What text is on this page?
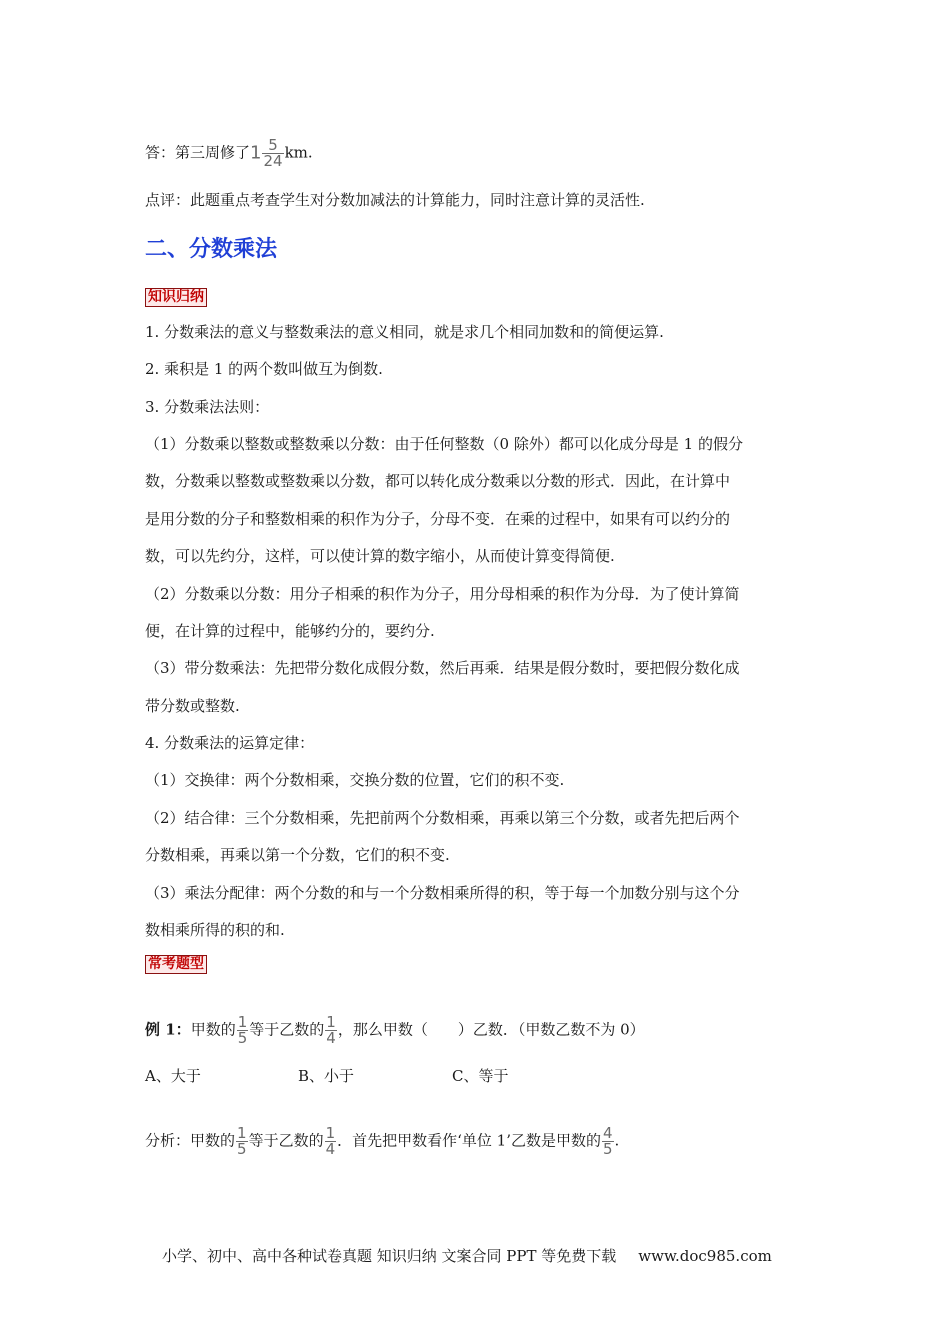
答：第三周修了$1 \frac{5}{24}$ km.
点评：此题重点考查学生对分数加减法的计算能力，同时注意计算的灵活性.
二、分数乘法
知识归纳
1. 分数乘法的意义与整数乘法的意义相同，就是求几个相同加数和的简便运算.
2. 乘积是 1 的两个数叫做互为倒数.
3. 分数乘法法则：
（1）分数乘以整数或整数乘以分数：由于任何整数（0 除外）都可以化成分母是 1 的假分
数，分数乘以整数或整数乘以分数，都可以转化成分数乘以分数的形式．因此，在计算中
是用分数的分子和整数相乘的积作为分子，分母不变．在乘的过程中，如果有可以约分的
数，可以先约分，这样，可以使计算的数字缩小，从而使计算变得简便.
（2）分数乘以分数：用分子相乘的积作为分子，用分母相乘的积作为分母．为了使计算简
便，在计算的过程中，能够约分的，要约分.
（3）带分数乘法：先把带分数化成假分数，然后再乘．结果是假分数时，要把假分数化成
带分数或整数.
4. 分数乘法的运算定律：
（1）交换律：两个分数相乘，交换分数的位置，它们的积不变.
（2）结合律：三个分数相乘，先把前两个分数相乘，再乘以第三个分数，或者先把后两个
分数相乘，再乘以第一个分数，它们的积不变.
（3）乘法分配律：两个分数的和与一个分数相乘所得的积，等于每一个加数分别与这个分
数相乘所得的积的和.
常考题型
例 1：甲数的 $\frac{1}{5}$ 等于乙数的 $\frac{1}{4}$ ，那么甲数（　　）乙数．（甲数乙数不为 0）
A、大于	B、小于	C、等于
分析：甲数的 $\frac{1}{5}$ 等于乙数的 $\frac{1}{4}$ ．首先把甲数看作‘单位 1’乙数是甲数的 $\frac{4}{5}$ .
小学、初中、高中各种试卷真题 知识归纳 文案合同 PPT 等免费下载 www.doc985.com
